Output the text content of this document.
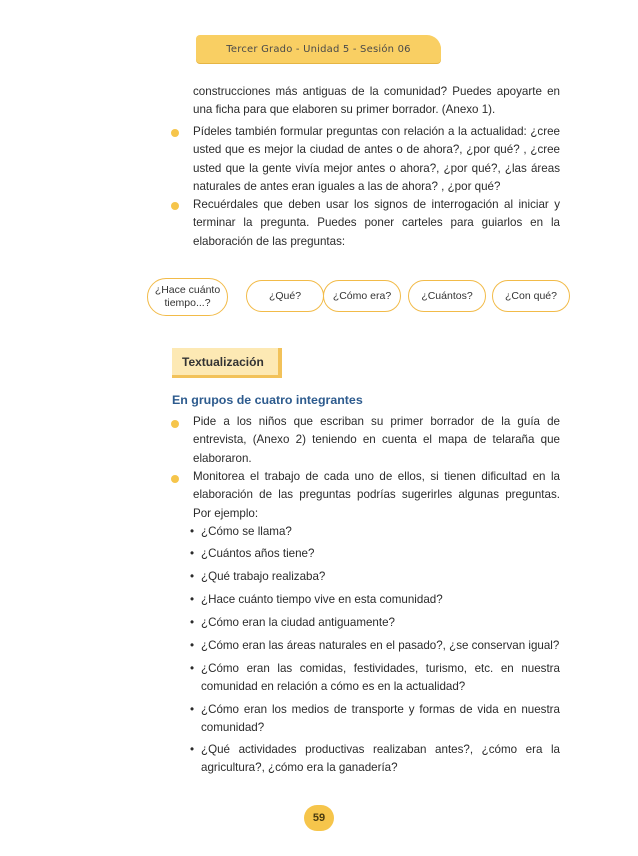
Tercer Grado - Unidad 5 - Sesión 06
construcciones más antiguas de la comunidad? Puedes apoyarte en una ficha para que elaboren su primer borrador. (Anexo 1).
Pídeles también formular preguntas con relación a la actualidad: ¿cree usted que es mejor la ciudad de antes o de ahora?, ¿por qué? , ¿cree usted que la gente vivía mejor antes o ahora?, ¿por qué?, ¿las áreas naturales de antes eran iguales a las de ahora? , ¿por qué?
Recuérdales que deben usar los signos de interrogación al iniciar y terminar la pregunta. Puedes poner carteles para guiarlos en la elaboración de las preguntas:
¿Hace cuánto tiempo...?
¿Qué?	¿Cómo era?	¿Cuántos?	¿Con qué?
Textualización
En grupos de cuatro integrantes
Pide a los niños que escriban su primer borrador de la guía de entrevista, (Anexo 2) teniendo en cuenta el mapa de telaraña que elaboraron.
Monitorea el trabajo de cada uno de ellos, si tienen dificultad en la elaboración de las preguntas podrías sugerirles algunas preguntas. Por ejemplo:
• ¿Cómo se llama?
• ¿Cuántos años tiene?
• ¿Qué trabajo realizaba?
• ¿Hace cuánto tiempo vive en esta comunidad?
• ¿Cómo eran la ciudad antiguamente?
• ¿Cómo eran las áreas naturales en el pasado?, ¿se conservan igual?
• ¿Cómo eran las comidas, festividades, turismo, etc. en nuestra comunidad en relación a cómo es en la actualidad?
• ¿Cómo eran los medios de transporte y formas de vida en nuestra comunidad?
• ¿Qué actividades productivas realizaban antes?, ¿cómo era la agricultura?, ¿cómo era la ganadería?
59
